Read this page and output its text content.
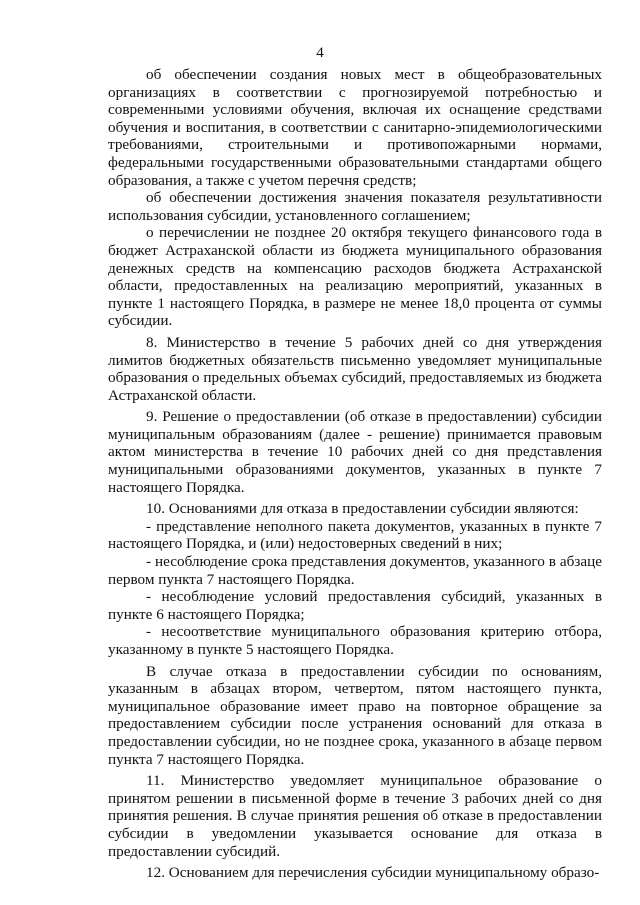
4

об обеспечении создания новых мест в общеобразовательных организациях в соответствии с прогнозируемой потребностью и современными условиями обучения, включая их оснащение средствами обучения и воспитания, в соответствии с санитарно-эпидемиологическими требованиями, строительными и противопожарными нормами, федеральными государственными образовательными стандартами общего образования, а также с учетом перечня средств;

об обеспечении достижения значения показателя результативности использования субсидии, установленного соглашением;

о перечислении не позднее 20 октября текущего финансового года в бюджет Астраханской области из бюджета муниципального образования денежных средств на компенсацию расходов бюджета Астраханской области, предоставленных на реализацию мероприятий, указанных в пункте 1 настоящего Порядка, в размере не менее 18,0 процента от суммы субсидии.

8. Министерство в течение 5 рабочих дней со дня утверждения лимитов бюджетных обязательств письменно уведомляет муниципальные образования о предельных объемах субсидий, предоставляемых из бюджета Астраханской области.

9. Решение о предоставлении (об отказе в предоставлении) субсидии муниципальным образованиям (далее - решение) принимается правовым актом министерства в течение 10 рабочих дней со дня представления муниципальными образованиями документов, указанных в пункте 7 настоящего Порядка.

10. Основаниями для отказа в предоставлении субсидии являются:

- представление неполного пакета документов, указанных в пункте 7 настоящего Порядка, и (или) недостоверных сведений в них;

- несоблюдение срока представления документов, указанного в абзаце первом пункта 7 настоящего Порядка.

- несоблюдение условий предоставления субсидий, указанных в пункте 6 настоящего Порядка;

- несоответствие муниципального образования критерию отбора, указанному в пункте 5 настоящего Порядка.

В случае отказа в предоставлении субсидии по основаниям, указанным в абзацах втором, четвертом, пятом настоящего пункта, муниципальное образование имеет право на повторное обращение за предоставлением субсидии после устранения оснований для отказа в предоставлении субсидии, но не позднее срока, указанного в абзаце первом пункта 7 настоящего Порядка.

11. Министерство уведомляет муниципальное образование о принятом решении в письменной форме в течение 3 рабочих дней со дня принятия решения. В случае принятия решения об отказе в предоставлении субсидии в уведомлении указывается основание для отказа в предоставлении субсидий.

12. Основанием для перечисления субсидии муниципальному образо-
